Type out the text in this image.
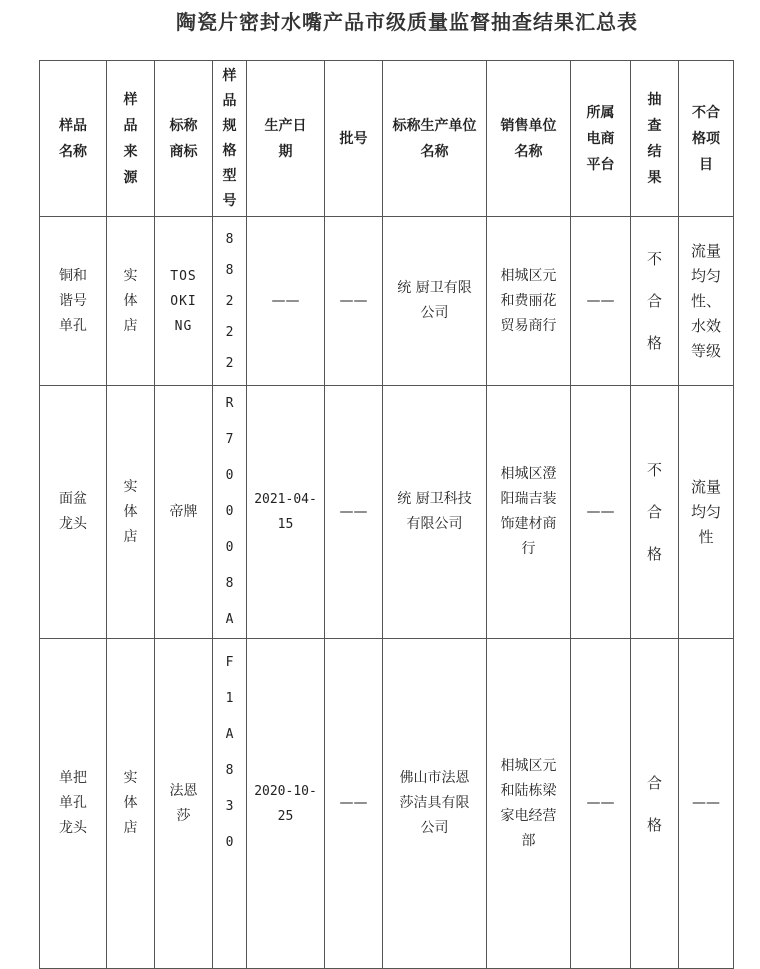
陶瓷片密封水嘴产品市级质量监督抽查结果汇总表
样品名称	样品来源	标称商标	样品规格型号	生产日期	批号	标称生产单位名称	销售单位名称	所属电商平台	抽查结果	不合格项目

铜和谐号单孔	实体店	TOSOKING	88222	——	——	统 厨卫有限公司	相城区元和费丽花贸易商行	——	不合格	流量均匀性、水效等级

面盆龙头	实体店	帝牌	R70008A	2021-04-15	——	统 厨卫科技有限公司	相城区澄阳瑞吉装饰建材商行	——	不合格	流量均匀性

单把单孔龙头	实体店	法恩莎	F1A830	2020-10-25	——	佛山市法恩莎洁具有限公司	相城区元和陆栋梁家电经营部	——	合格	——
